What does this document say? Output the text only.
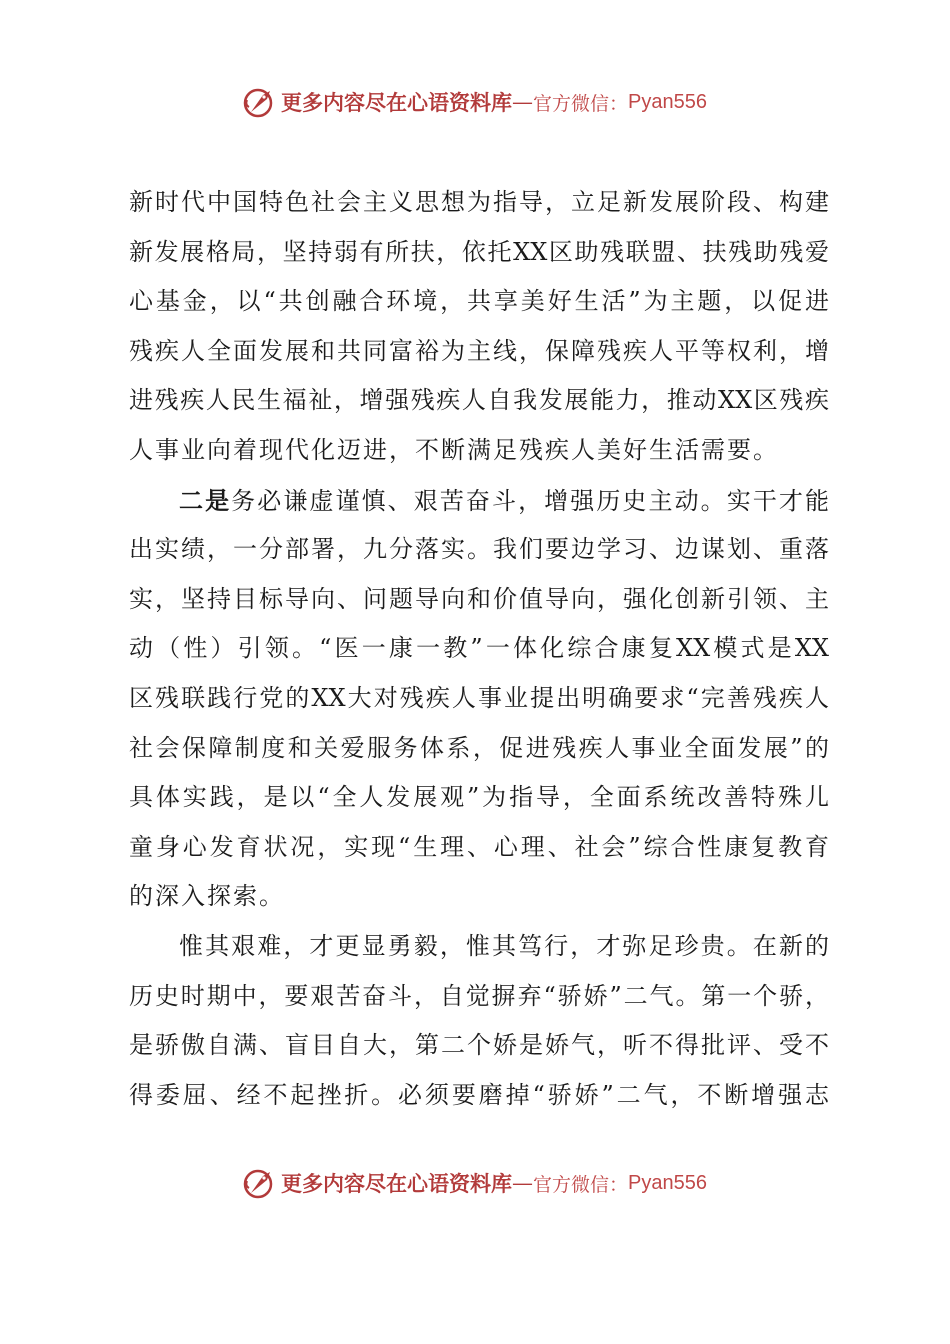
更多内容尽在心语资料库 — 官方微信： Pyan556
新时代中国特色社会主义思想为指导，立足新发展阶段、构建
新发展格局，坚持弱有所扶，依托XX区助残联盟、扶残助残爱
心基金，以“共创融合环境，共享美好生活”为主题，以促进
残疾人全面发展和共同富裕为主线，保障残疾人平等权利，增
进残疾人民生福祉，增强残疾人自我发展能力，推动XX区残疾
人事业向着现代化迈进，不断满足残疾人美好生活需要。
二是务必谦虚谨慎、艰苦奋斗，增强历史主动。实干才能
出实绩，一分部署，九分落实。我们要边学习、边谋划、重落
实，坚持目标导向、问题导向和价值导向，强化创新引领、主
动（性）引领。“医一康一教”一体化综合康复XX模式是XX
区残联践行党的XX大对残疾人事业提出明确要求“完善残疾人
社会保障制度和关爱服务体系，促进残疾人事业全面发展”的
具体实践，是以“全人发展观”为指导，全面系统改善特殊儿
童身心发育状况，实现“生理、心理、社会”综合性康复教育
的深入探索。
惟其艰难，才更显勇毅，惟其笃行，才弥足珍贵。在新的
历史时期中，要艰苦奋斗，自觉摒弃“骄娇”二气。第一个骄，
是骄傲自满、盲目自大，第二个娇是娇气，听不得批评、受不
得委屈、经不起挫折。必须要磨掉“骄娇”二气，不断增强志
更多内容尽在心语资料库 — 官方微信： Pyan556
